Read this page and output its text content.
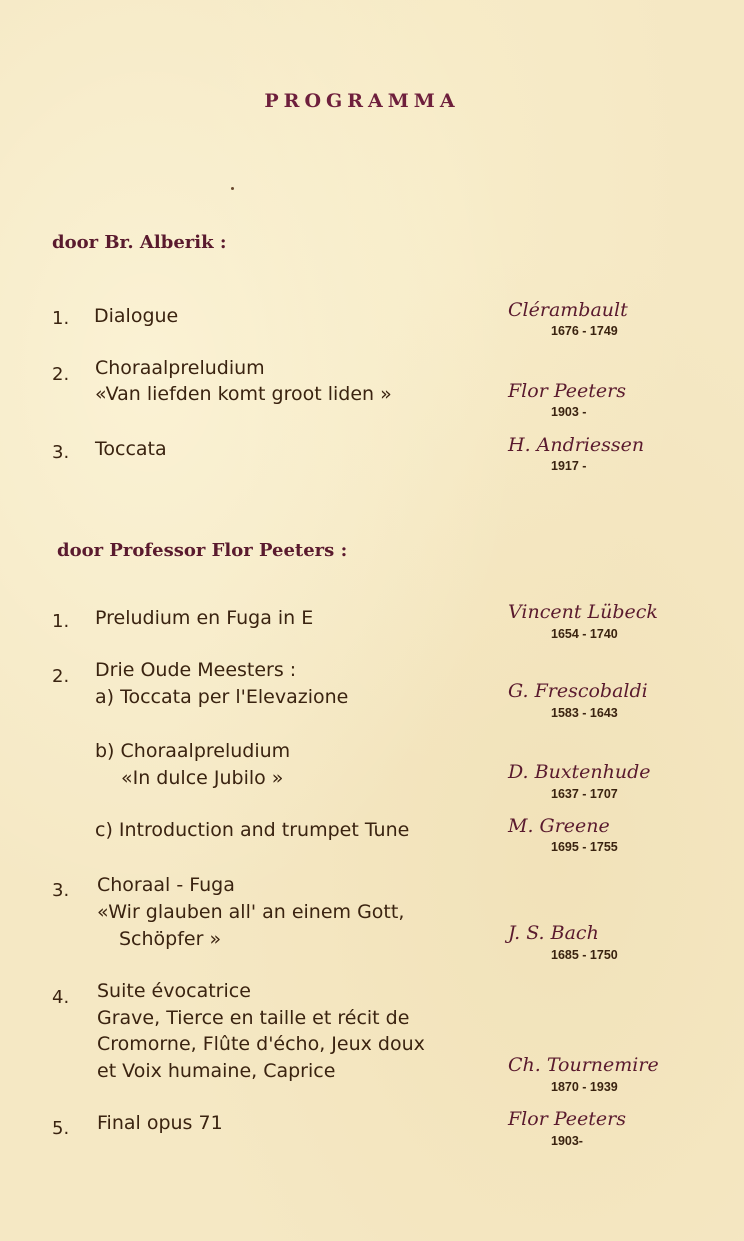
PROGRAMMA
door Br. Alberik :
1. Dialogue	Clérambault
1676 - 1749
2. Choraalpreludium
«Van liefden komt groot liden »	Flor Peeters
1903 -
3. Toccata	H. Andriessen
1917 -
door Professor Flor Peeters :
1. Preludium en Fuga in E	Vincent Lübeck
1654 - 1740
2. Drie Oude Meesters :
a) Toccata per l'Elevazione	G. Frescobaldi
1583 - 1643
b) Choraalpreludium
«In dulce Jubilo »	D. Buxtenhude
1637 - 1707
c) Introduction and trumpet Tune	M. Greene
1695 - 1755
3. Choraal - Fuga
«Wir glauben all' an einem Gott,
Schöpfer »	J. S. Bach
1685 - 1750
4. Suite évocatrice
Grave, Tierce en taille et récit de
Cromorne, Flûte d'écho, Jeux doux
et Voix humaine, Caprice	Ch. Tournemire
1870 - 1939
5. Final opus 71	Flor Peeters
1903-
